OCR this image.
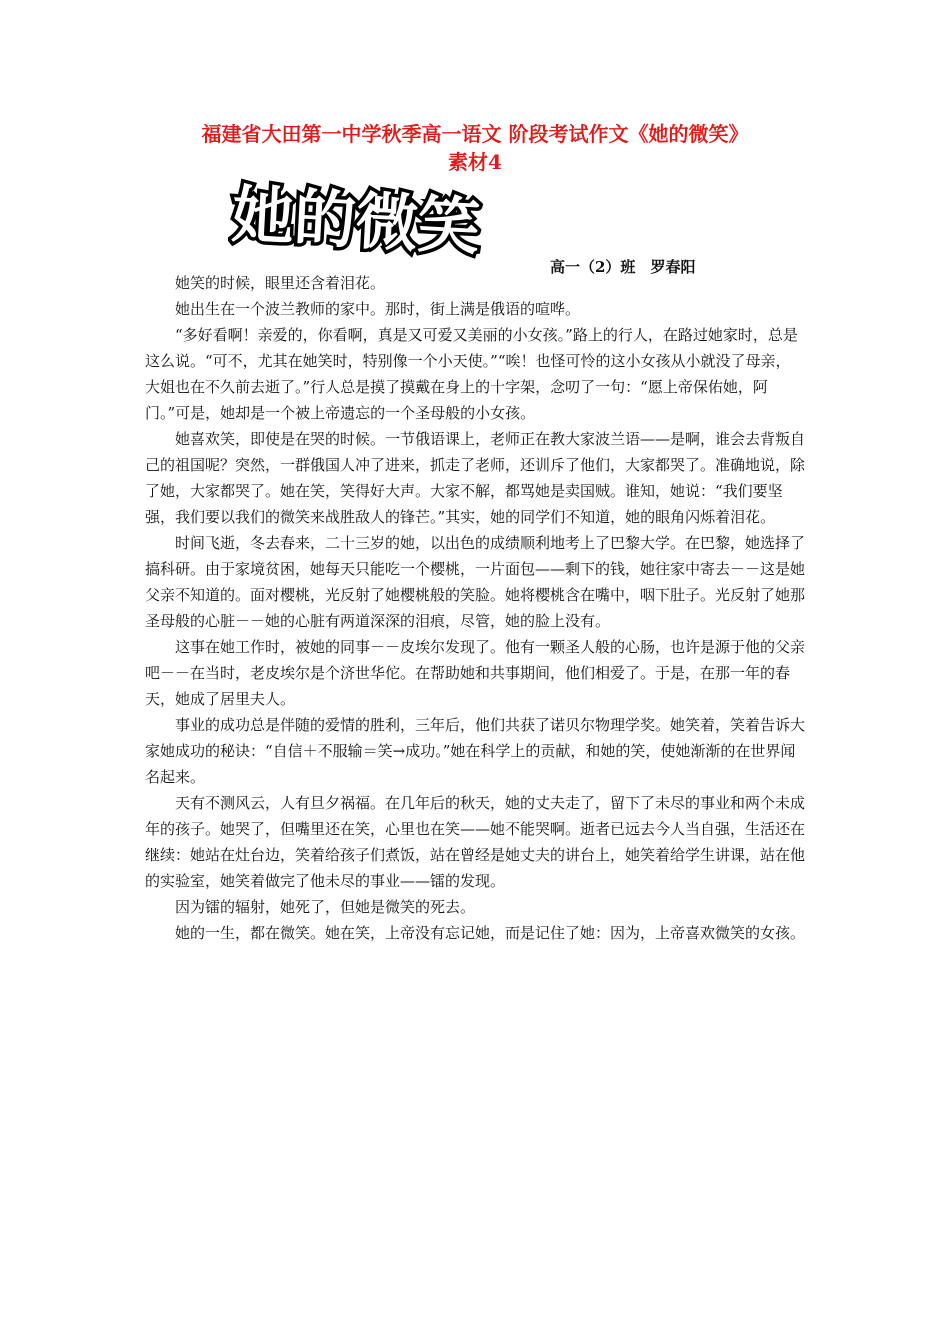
福建省大田第一中学秋季高一语文 阶段考试作文《她的微笑》
素材4
她的微笑
高一（2）班　罗春阳

她笑的时候，眼里还含着泪花。

她出生在一个波兰教师的家中。那时，街上满是俄语的喧哗。

“多好看啊！亲爱的，你看啊，真是又可爱又美丽的小女孩。”路上的行人，在路过她家时，总是这么说。“可不，尤其在她笑时，特别像一个小天使。”“唉！也怪可怜的这小女孩从小就没了母亲，大姐也在不久前去逝了。”行人总是摸了摸戴在身上的十字架，念叨了一句：“愿上帝保佑她，阿门。”可是，她却是一个被上帝遗忘的一个圣母般的小女孩。

她喜欢笑，即使是在哭的时候。一节俄语课上，老师正在教大家波兰语——是啊，谁会去背叛自己的祖国呢？突然，一群俄国人冲了进来，抓走了老师，还训斥了他们，大家都哭了。准确地说，除了她，大家都哭了。她在笑，笑得好大声。大家不解，都骂她是卖国贼。谁知，她说：“我们要坚强，我们要以我们的微笑来战胜敌人的锋芒。”其实，她的同学们不知道，她的眼角闪烁着泪花。

时间飞逝，冬去春来，二十三岁的她，以出色的成绩顺利地考上了巴黎大学。在巴黎，她选择了搞科研。由于家境贫困，她每天只能吃一个樱桃，一片面包——剩下的钱，她往家中寄去－－这是她父亲不知道的。面对樱桃，光反射了她樱桃般的笑脸。她将樱桃含在嘴中，咽下肚子。光反射了她那圣母般的心脏－－她的心脏有两道深深的泪痕，尽管，她的脸上没有。

这事在她工作时，被她的同事－－皮埃尔发现了。他有一颗圣人般的心肠，也许是源于他的父亲吧－－在当时，老皮埃尔是个济世华佗。在帮助她和共事期间，他们相爱了。于是，在那一年的春天，她成了居里夫人。

事业的成功总是伴随的爱情的胜利，三年后，他们共获了诺贝尔物理学奖。她笑着，笑着告诉大家她成功的秘诀：“自信＋不服输＝笑→成功。”她在科学上的贡献，和她的笑，使她渐渐的在世界闻名起来。

天有不测风云，人有旦夕祸福。在几年后的秋天，她的丈夫走了，留下了未尽的事业和两个未成年的孩子。她哭了，但嘴里还在笑，心里也在笑——她不能哭啊。逝者已远去今人当自强，生活还在继续：她站在灶台边，笑着给孩子们煮饭，站在曾经是她丈夫的讲台上，她笑着给学生讲课，站在他的实验室，她笑着做完了他未尽的事业——镭的发现。

因为镭的辐射，她死了，但她是微笑的死去。

她的一生，都在微笑。她在笑，上帝没有忘记她，而是记住了她：因为，上帝喜欢微笑的女孩。
